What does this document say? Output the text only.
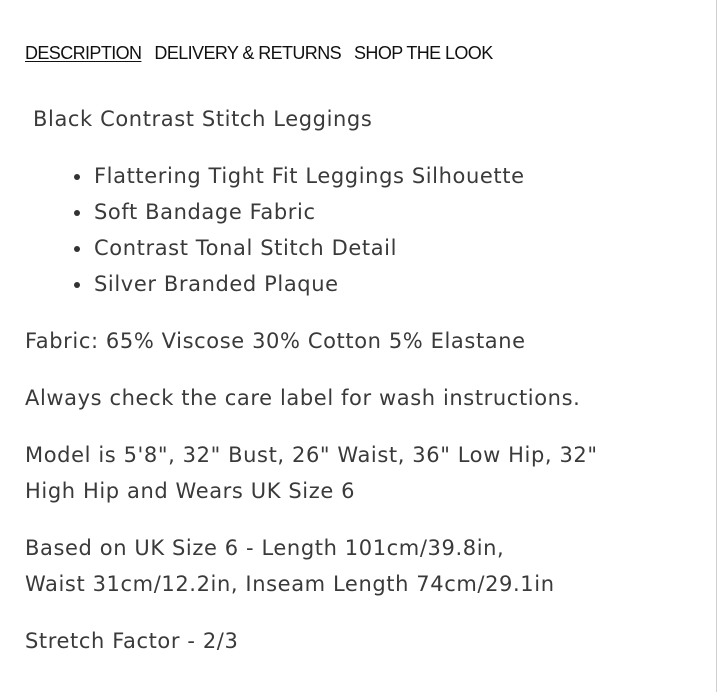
DESCRIPTION DELIVERY & RETURNS SHOP THE LOOK
Black Contrast Stitch Leggings
Flattering Tight Fit Leggings Silhouette
Soft Bandage Fabric
Contrast Tonal Stitch Detail
Silver Branded Plaque

Fabric: 65% Viscose 30% Cotton 5% Elastane

Always check the care label for wash instructions.

Model is 5'8", 32" Bust, 26" Waist, 36" Low Hip, 32"
High Hip and Wears UK Size 6
Based on UK Size 6 - Length 101cm/39.8in,
Waist 31cm/12.2in, Inseam Length 74cm/29.1in

Stretch Factor - 2/3
